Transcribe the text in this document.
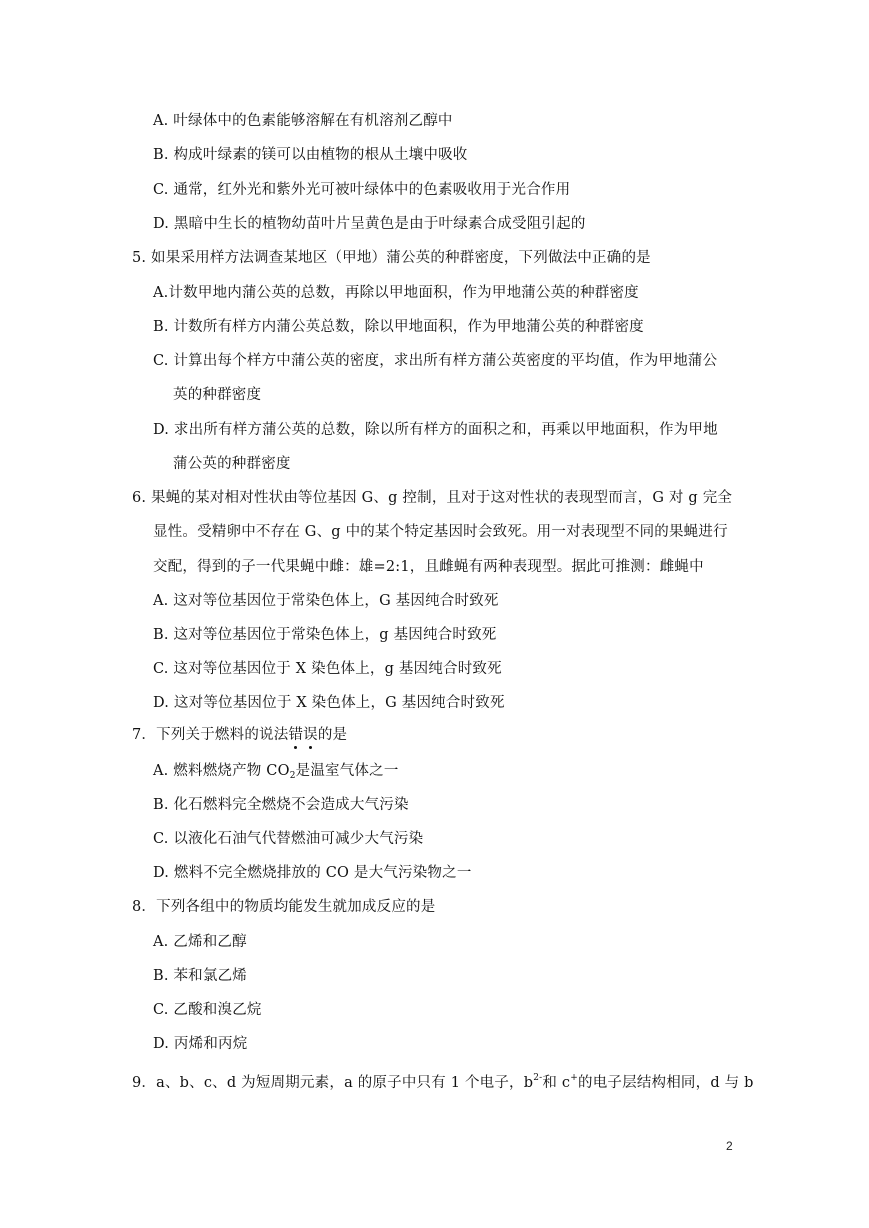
A. 叶绿体中的色素能够溶解在有机溶剂乙醇中
B. 构成叶绿素的镁可以由植物的根从土壤中吸收
C. 通常，红外光和紫外光可被叶绿体中的色素吸收用于光合作用
D. 黑暗中生长的植物幼苗叶片呈黄色是由于叶绿素合成受阻引起的
5. 如果采用样方法调查某地区（甲地）蒲公英的种群密度，下列做法中正确的是
A.计数甲地内蒲公英的总数，再除以甲地面积，作为甲地蒲公英的种群密度
B. 计数所有样方内蒲公英总数，除以甲地面积，作为甲地蒲公英的种群密度
C. 计算出每个样方中蒲公英的密度，求出所有样方蒲公英密度的平均值，作为甲地蒲公
英的种群密度
D. 求出所有样方蒲公英的总数，除以所有样方的面积之和，再乘以甲地面积，作为甲地
蒲公英的种群密度
6. 果蝇的某对相对性状由等位基因 G、g 控制，且对于这对性状的表现型而言，G 对 g 完全
显性。受精卵中不存在 G、g 中的某个特定基因时会致死。用一对表现型不同的果蝇进行
交配，得到的子一代果蝇中雌：雄=2:1，且雌蝇有两种表现型。据此可推测：雌蝇中
A. 这对等位基因位于常染色体上，G 基因纯合时致死
B. 这对等位基因位于常染色体上，g 基因纯合时致死
C. 这对等位基因位于 X 染色体上，g 基因纯合时致死
D. 这对等位基因位于 X 染色体上，G 基因纯合时致死
7．下列关于燃料的说法错误的是
A. 燃料燃烧产物 $CO_2$是温室气体之一
B. 化石燃料完全燃烧不会造成大气污染
C. 以液化石油气代替燃油可减少大气污染
D. 燃料不完全燃烧排放的 CO 是大气污染物之一
8．下列各组中的物质均能发生就加成反应的是
A. 乙烯和乙醇
B. 苯和氯乙烯
C. 乙酸和溴乙烷
D. 丙烯和丙烷
9．a、b、c、d 为短周期元素，a 的原子中只有 1 个电子，$b^{2-}$和 c+的电子层结构相同，d 与 b
2
